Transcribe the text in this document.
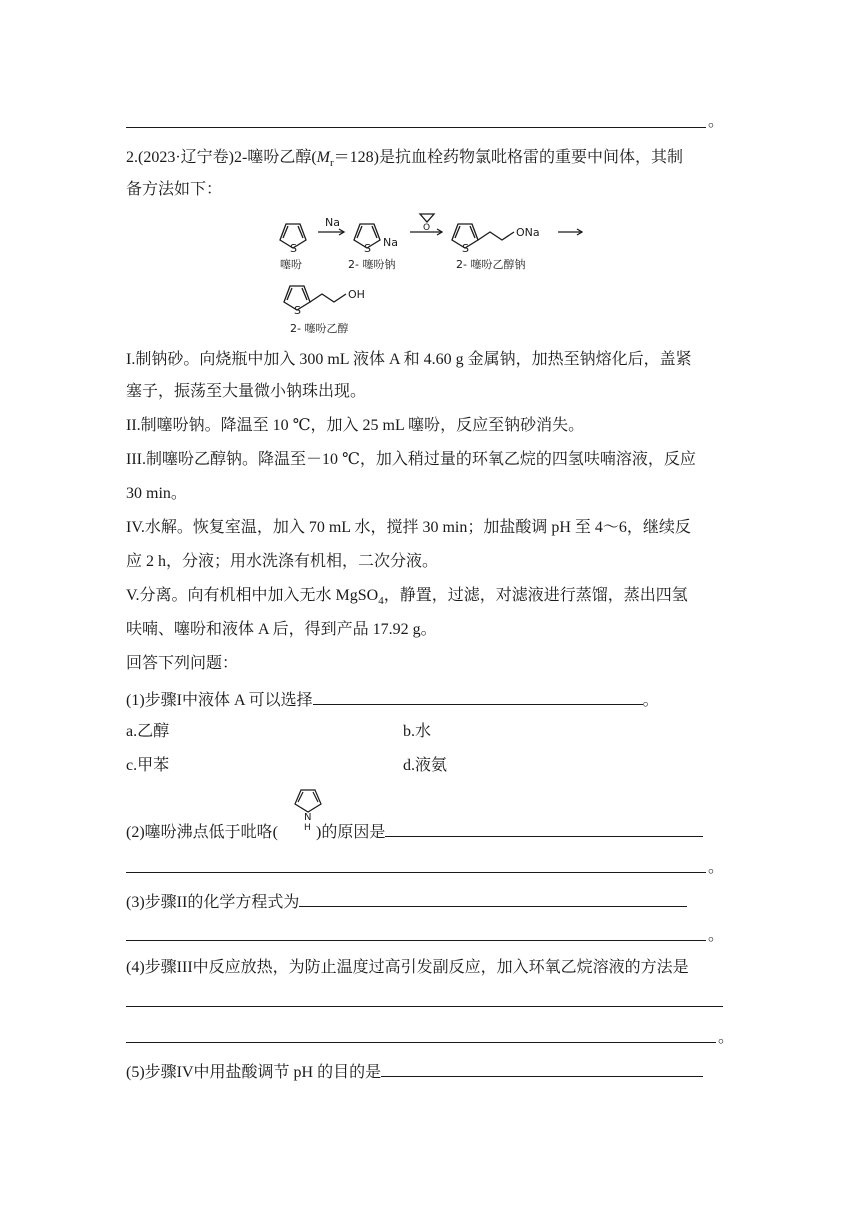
。
2.(2023·辽宁卷)2-噻吩乙醇$(M_r=128)$是抗血栓药物氯吡格雷的重要中间体，其制
备方法如下：
S
Na
S Na
O
S
ONa
S
OH
噻吩	2- 噻吩钠	2- 噻吩乙醇钠
2- 噻吩乙醇
I.制钠砂。向烧瓶中加入 300 mL 液体 A 和 4.60 g 金属钠，加热至钠熔化后，盖紧
塞子，振荡至大量微小钠珠出现。
II.制噻吩钠。降温至 10 ℃，加入 25 mL 噻吩，反应至钠砂消失。
III.制噻吩乙醇钠。降温至－10 ℃，加入稍过量的环氧乙烷的四氢呋喃溶液，反应
30 min。
IV.水解。恢复室温，加入 70 mL 水，搅拌 30 min；加盐酸调 pH 至 4～6，继续反
应 2 h，分液；用水洗涤有机相，二次分液。
V.分离。向有机相中加入无水 MgSO$_4$，静置，过滤，对滤液进行蒸馏，蒸出四氢
呋喃、噻吩和液体 A 后，得到产品 17.92 g。
回答下列问题：
(1)步骤I中液体 A 可以选择	。
a.乙醇	b.水
c.甲苯	d.液氨
N
H
(2)噻吩沸点低于吡咯( )的原因是
。
(3)步骤II的化学方程式为
。
(4)步骤III中反应放热，为防止温度过高引发副反应，加入环氧乙烷溶液的方法是
。
(5)步骤IV中用盐酸调节 pH 的目的是
